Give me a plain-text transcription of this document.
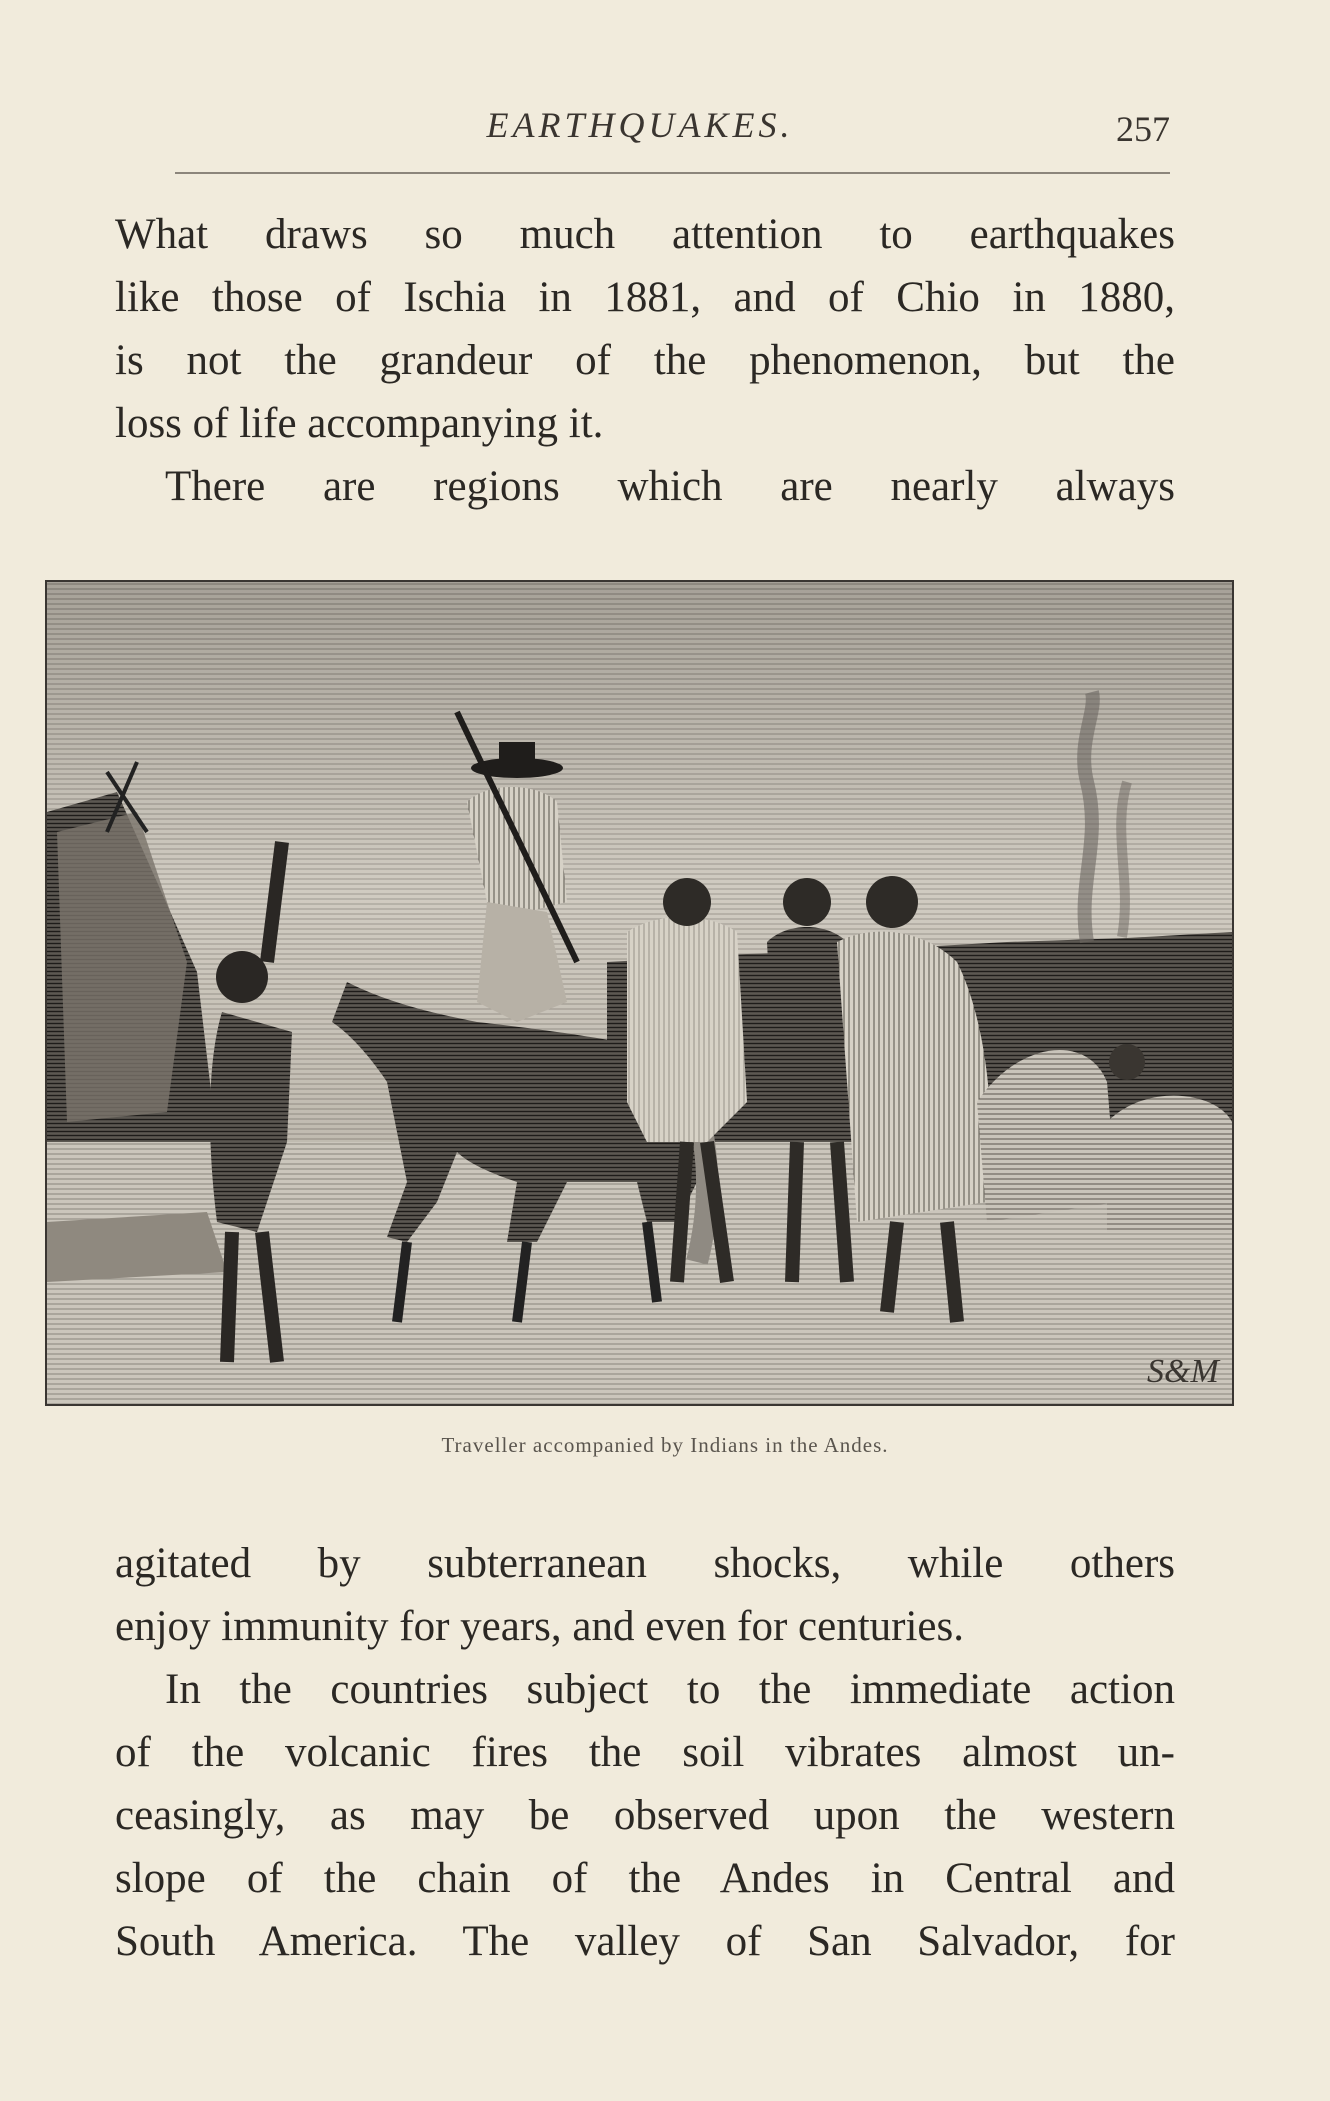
EARTHQUAKES.	257

What draws so much attention to earthquakes

like those of Ischia in 1881, and of Chio in 1880,

is not the grandeur of the phenomenon, but the

loss of life accompanying it.

There are regions which are nearly always

S&M
Traveller accompanied by Indians in the Andes.

agitated by subterranean shocks, while others

enjoy immunity for years, and even for centuries.

In the countries subject to the immediate action

of the volcanic fires the soil vibrates almost un-

ceasingly, as may be observed upon the western

slope of the chain of the Andes in Central and

South America. The valley of San Salvador, for
